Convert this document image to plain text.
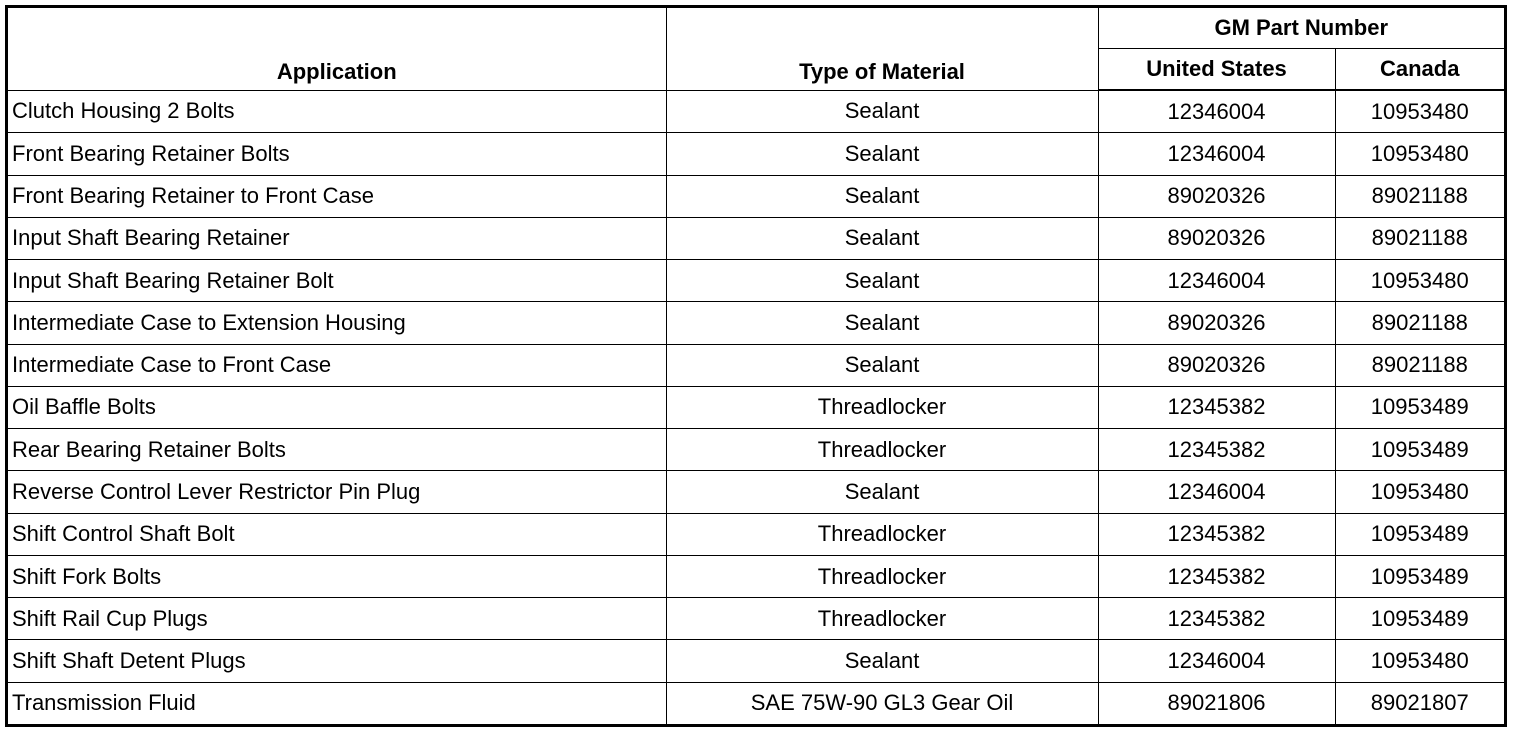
Application	Type of Material	GM Part Number	
		United States	Canada
Clutch Housing 2 Bolts	Sealant	12346004	10953480
Front Bearing Retainer Bolts	Sealant	12346004	10953480
Front Bearing Retainer to Front Case	Sealant	89020326	89021188
Input Shaft Bearing Retainer	Sealant	89020326	89021188
Input Shaft Bearing Retainer Bolt	Sealant	12346004	10953480
Intermediate Case to Extension Housing	Sealant	89020326	89021188
Intermediate Case to Front Case	Sealant	89020326	89021188
Oil Baffle Bolts	Threadlocker	12345382	10953489
Rear Bearing Retainer Bolts	Threadlocker	12345382	10953489
Reverse Control Lever Restrictor Pin Plug	Sealant	12346004	10953480
Shift Control Shaft Bolt	Threadlocker	12345382	10953489
Shift Fork Bolts	Threadlocker	12345382	10953489
Shift Rail Cup Plugs	Threadlocker	12345382	10953489
Shift Shaft Detent Plugs	Sealant	12346004	10953480
Transmission Fluid	SAE 75W-90 GL3 Gear Oil	89021806	89021807
